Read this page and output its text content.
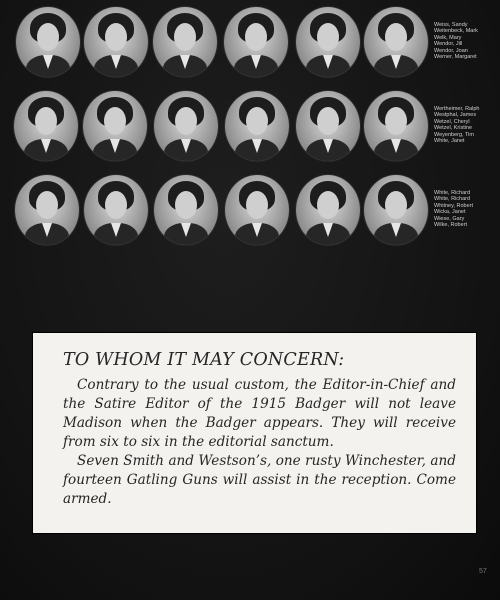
Weiss, Sandy
Weitenbeck, Mark
Welk, Mary
Wendor, Jill
Wendor, Joan
Werner, Margaret
Wertheimer, Ralph
Westphal, James
Wetzel, Cheryl
Wetzel, Kristine
Weyenberg, Tim
White, Janet
White, Richard
White, Richard
Whitney, Robert
Wicka, Janet
Wiese, Gary
Wilke, Robert

TO WHOM IT MAY CONCERN:

Contrary to the usual custom, the Editor-in-Chief and the Satire Editor of the 1915 Badger will not leave Madison when the Badger appears. They will receive from six to six in the editorial sanctum.

Seven Smith and Westson’s, one rusty Winchester, and fourteen Gatling Guns will assist in the reception. Come armed.

57
